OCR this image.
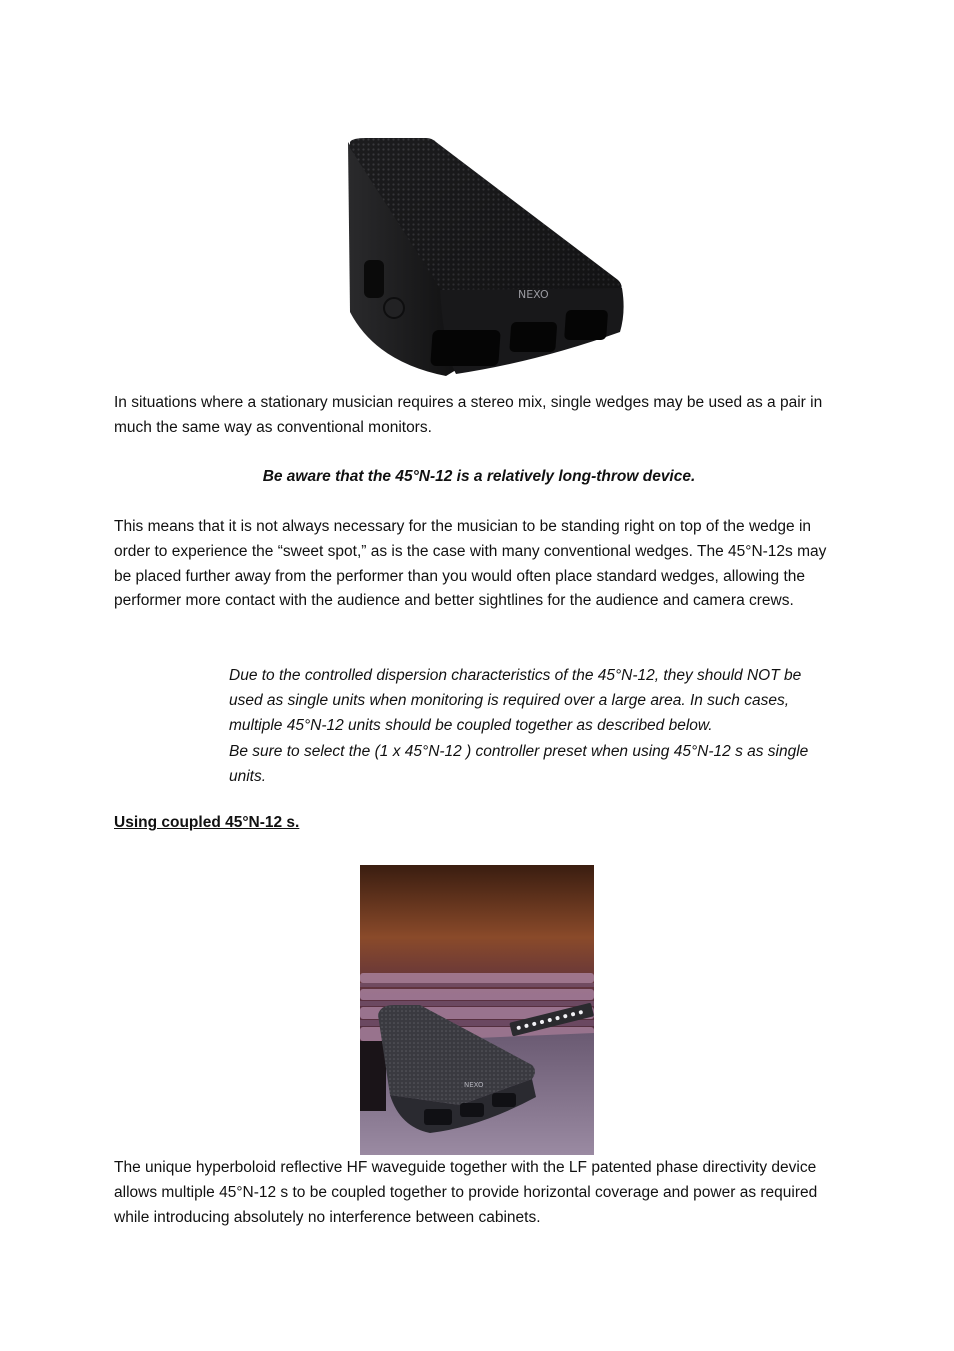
NEXO

In situations where a stationary musician requires a stereo mix, single wedges may be used as a pair in much the same way as conventional monitors.

Be aware that the 45°N-12 is a relatively long-throw device.

This means that it is not always necessary for the musician to be standing right on top of the wedge in order to experience the “sweet spot,” as is the case with many conventional wedges. The 45°N-12s may be placed further away from the performer than you would often place standard wedges, allowing the performer more contact with the audience and better sightlines for the audience and camera crews.

Due to the controlled dispersion characteristics of the 45°N-12, they should NOT be used as single units when monitoring is required over a large area. In such cases, multiple 45°N-12 units should be coupled together as described below.

Be sure to select the (1 x 45°N-12 ) controller preset when using 45°N-12 s as single units.

Using coupled 45°N-12 s.

NEXO

The unique hyperboloid reflective HF waveguide together with the LF patented phase directivity device allows multiple 45°N-12 s to be coupled together to provide horizontal coverage and power as required while introducing absolutely no interference between cabinets.
